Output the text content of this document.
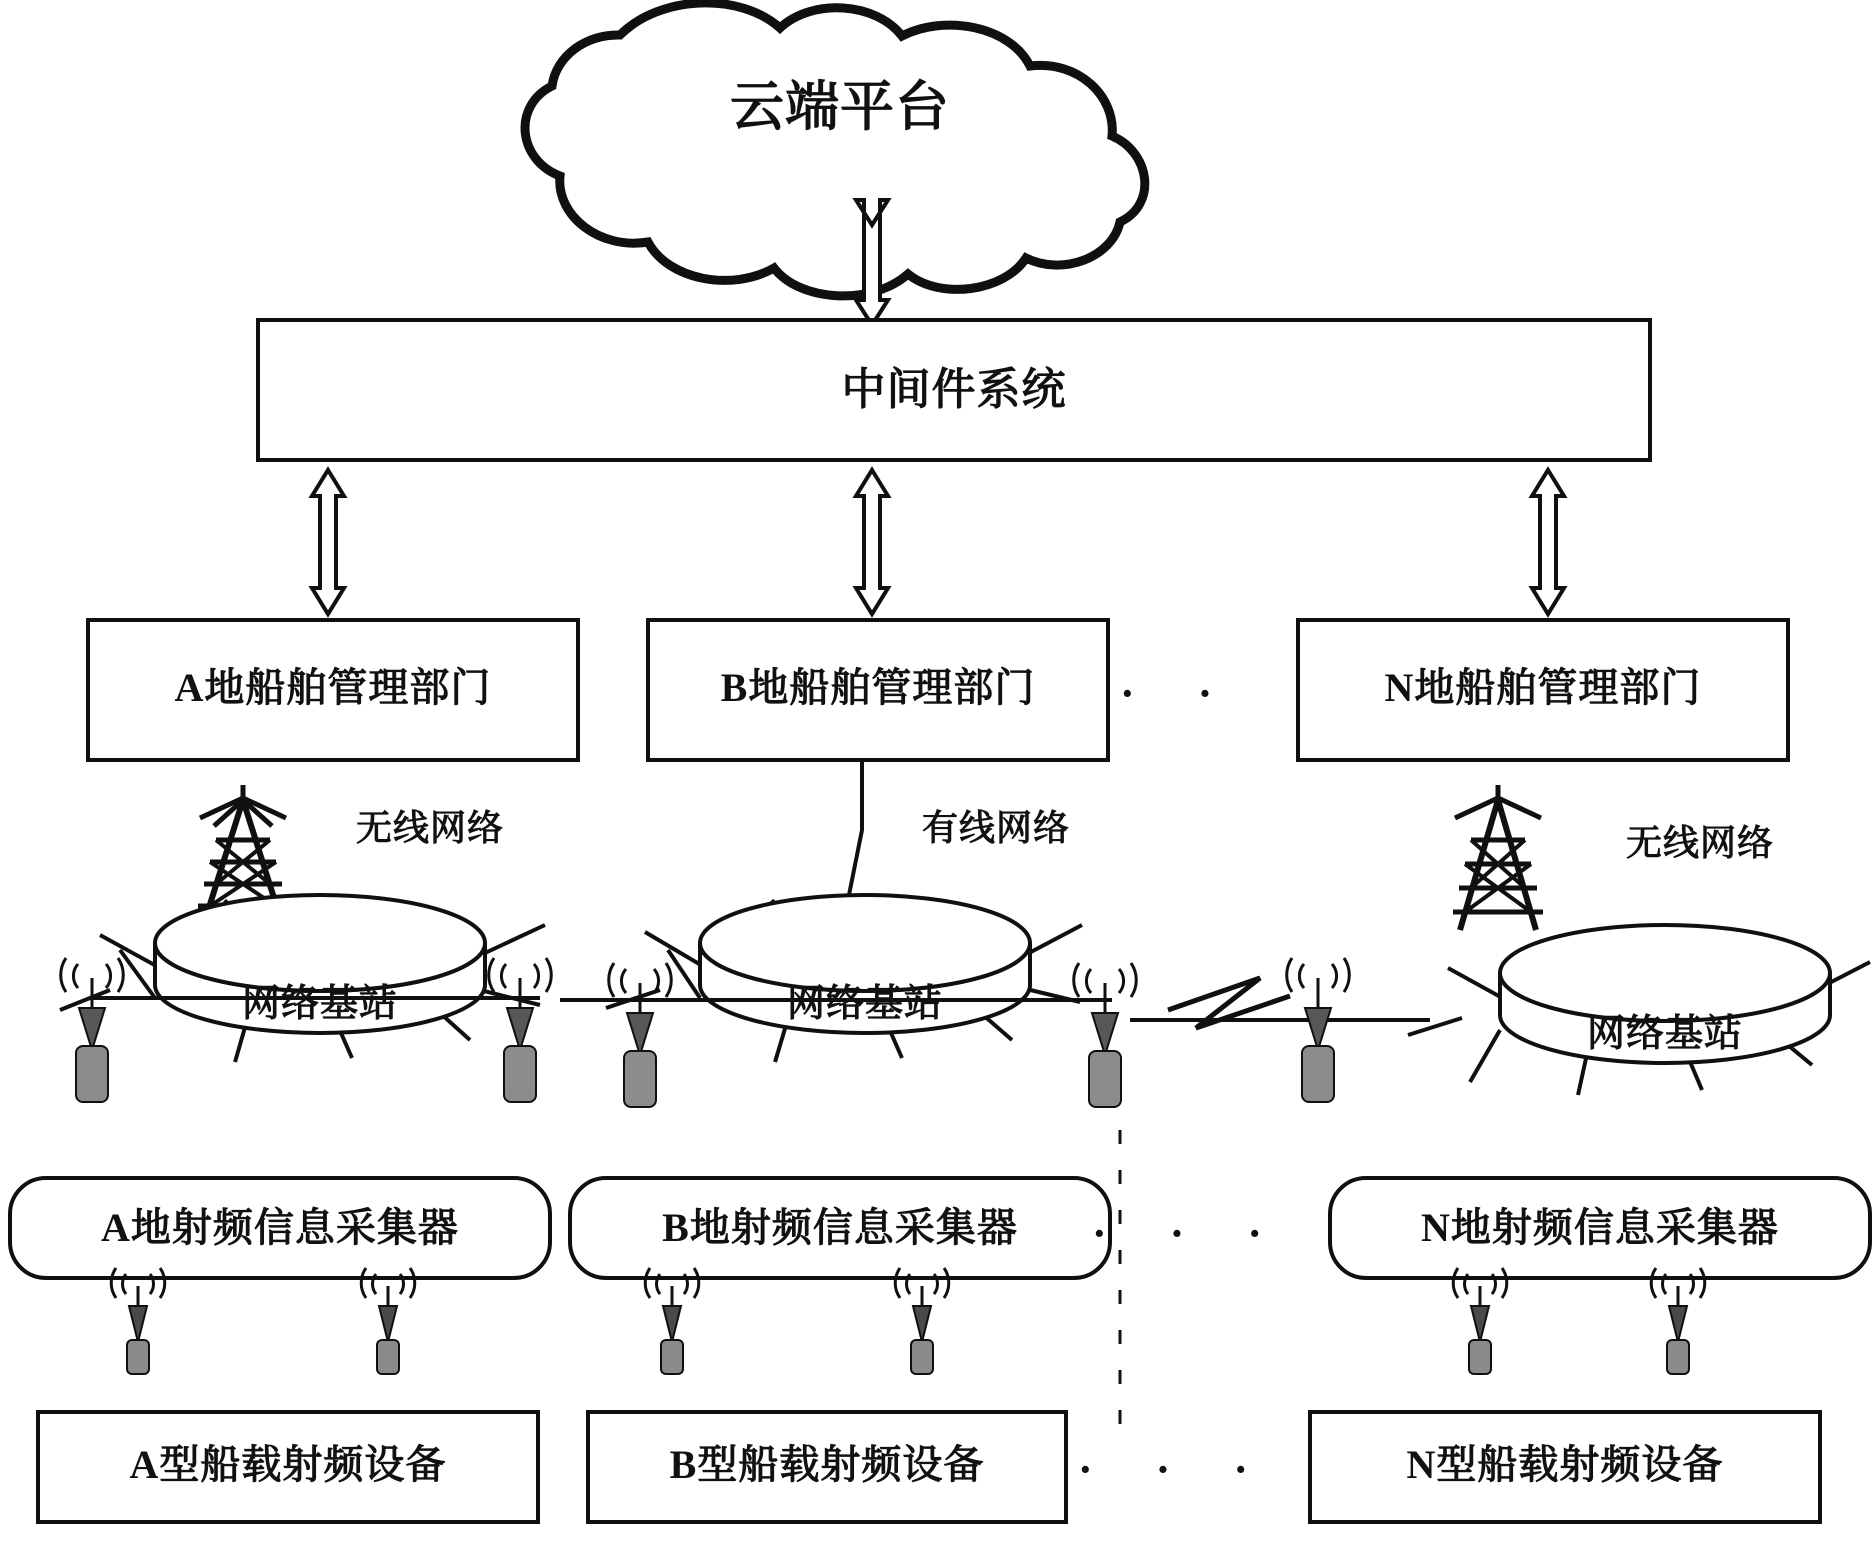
云端平台
中间件系统
A地船舶管理部门	B地船舶管理部门	N地船舶管理部门
· ·
无线网络	有线网络	无线网络
网络基站	网络基站
网络基站
A地射频信息采集器	B地射频信息采集器	N地射频信息采集器
· · ·
A型船载射频设备	B型船载射频设备	N型船载射频设备
· · ·
